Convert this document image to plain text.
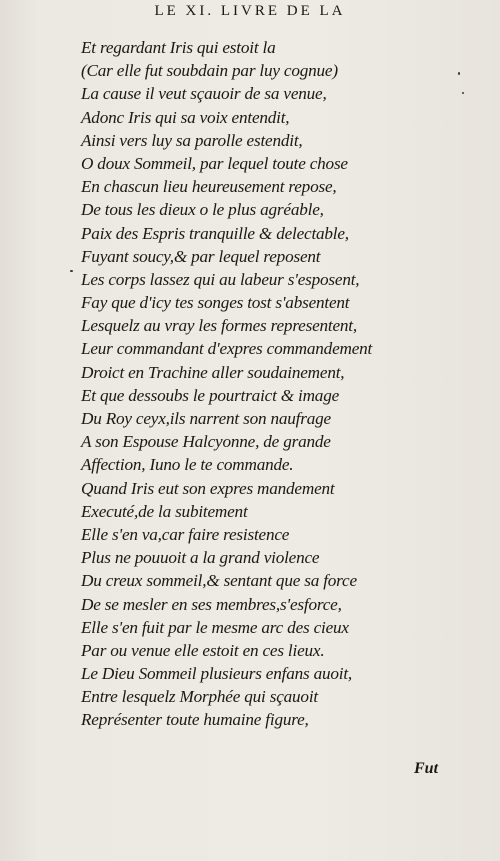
LE XI. LIVRE DE LA
Et regardant Iris qui estoit la
(Car elle fut soubdain par luy cognue)
La cause il veut sçauoir de sa venue,
Adonc Iris qui sa voix entendit,
Ainsi vers luy sa parolle estendit,
O doux Sommeil, par lequel toute chose
En chascun lieu heureusement repose,
De tous les dieux o le plus agréable,
Paix des Espris tranquille & delectable,
Fuyant soucy,& par lequel reposent
Les corps lassez qui au labeur s'esposent,
Fay que d'icy tes songes tost s'absentent
Lesquelz au vray les formes representent,
Leur commandant d'expres commandement
Droict en Trachine aller soudainement,
Et que dessoubs le pourtraict & image
Du Roy ceyx,ils narrent son naufrage
A son Espouse Halcyonne, de grande
Affection, Iuno le te commande.
Quand Iris eut son expres mandement
Executé,de la subitement
Elle s'en va,car faire resistence
Plus ne pouuoit a la grand violence
Du creux sommeil,& sentant que sa force
De se mesler en ses membres,s'esforce,
Elle s'en fuit par le mesme arc des cieux
Par ou venue elle estoit en ces lieux.
Le Dieu Sommeil plusieurs enfans auoit,
Entre lesquelz Morphée qui sçauoit
Représenter toute humaine figure,
Fut
